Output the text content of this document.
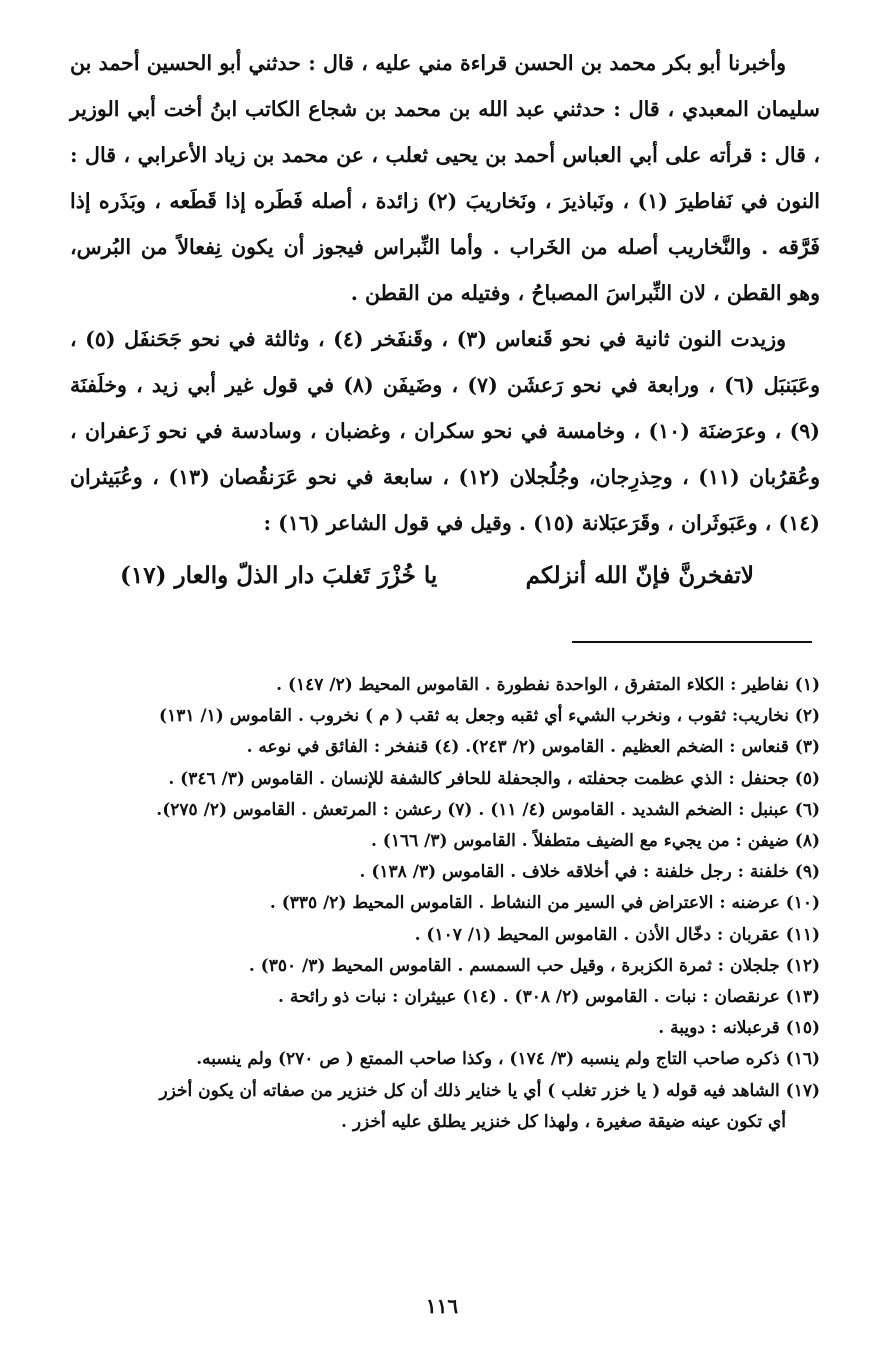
وأخبرنا أبو بكر محمد بن الحسن قراءة مني عليه ، قال : حدثني أبو الحسين أحمد بن سليمان المعبدي ، قال : حدثني عبد الله بن محمد بن شجاع الكاتب ابنُ أخت أبي الوزير ، قال : قرأته على أبي العباس أحمد بن يحيى ثعلب ، عن محمد بن زياد الأعرابي ، قال : النون في نَفاطيرَ (١) ، ونَباذيرَ ، ونَخاريبَ (٢) زائدة ، أصله فَطَره إذا قَطَعه ، وبَذَره إذا فَرَّقه . والنَّخاريب أصله من الخَراب . وأما النِّبراس فيجوز أن يكون نِفعالاً من البُرس، وهو القطن ، لان النِّبراسَ المصباحُ ، وفتيله من القطن .

وزيدت النون ثانية في نحو قَنعاس (٣) ، وقَنفَخر (٤) ، وثالثة في نحو جَحَنفَل (٥) ، وعَبَنبَل (٦) ، ورابعة في نحو رَعشَن (٧) ، وضَيفَن (٨) في قول غير أبي زيد ، وخلَفنَة (٩) ، وعرَضنَة (١٠) ، وخامسة في نحو سكران ، وغضبان ، وسادسة في نحو زَعفران ، وعُقرُبان (١١) ، وحِذرِجان، وجُلُجلان (١٢) ، سابعة في نحو عَرَنقُصان (١٣) ، وعُبَيثران (١٤) ، وعَبَوثَران ، وقَرَعبَلانة (١٥) . وقيل في قول الشاعر (١٦) :

لاتفخرنَّ فإنّ الله أنزلكم
يا خُزْرَ تَغلبَ دار الذلّ والعار (١٧)

(١) نفاطير : الكلاء المتفرق ، الواحدة نفطورة . القاموس المحيط (٢/ ١٤٧) .

(٢) نخاريب: ثقوب ، ونخرب الشيء أي ثقبه وجعل به ثقب ( م ) نخروب . القاموس (١/ ١٣١)

(٣) قنعاس : الضخم العظيم . القاموس (٢/ ٢٤٣). (٤) قنفخر : الفائق في نوعه .

(٥) جحنفل : الذي عظمت جحفلته ، والجحفلة للحافر كالشفة للإنسان . القاموس (٣/ ٣٤٦) .

(٦) عبنبل : الضخم الشديد . القاموس (٤/ ١١) . (٧) رعشن : المرتعش . القاموس (٢/ ٢٧٥).

(٨) ضيفن : من يجيء مع الضيف متطفلاً . القاموس (٣/ ١٦٦) .

(٩) خلفنة : رجل خلفنة : في أخلاقه خلاف . القاموس (٣/ ١٣٨) .

(١٠) عرضنه : الاعتراض في السير من النشاط . القاموس المحيط (٢/ ٣٣٥) .

(١١) عقربان : دخّال الأذن . القاموس المحيط (١/ ١٠٧) .

(١٢) جلجلان : ثمرة الكزبرة ، وقيل حب السمسم . القاموس المحيط (٣/ ٣٥٠) .

(١٣) عرنقصان : نبات . القاموس (٢/ ٣٠٨) . (١٤) عبيثران : نبات ذو رائحة .

(١٥) قرعبلانه : دويبة .

(١٦) ذكره صاحب التاج ولم ينسبه (٣/ ١٧٤) ، وكذا صاحب الممتع ( ص ٢٧٠) ولم ينسبه.

(١٧) الشاهد فيه قوله ( يا خزر تغلب ) أي يا خناير ذلك أن كل خنزير من صفاته أن يكون أخزر

أي تكون عينه ضيقة صغيرة ، ولهذا كل خنزير يطلق عليه أخزر .

١١٦
